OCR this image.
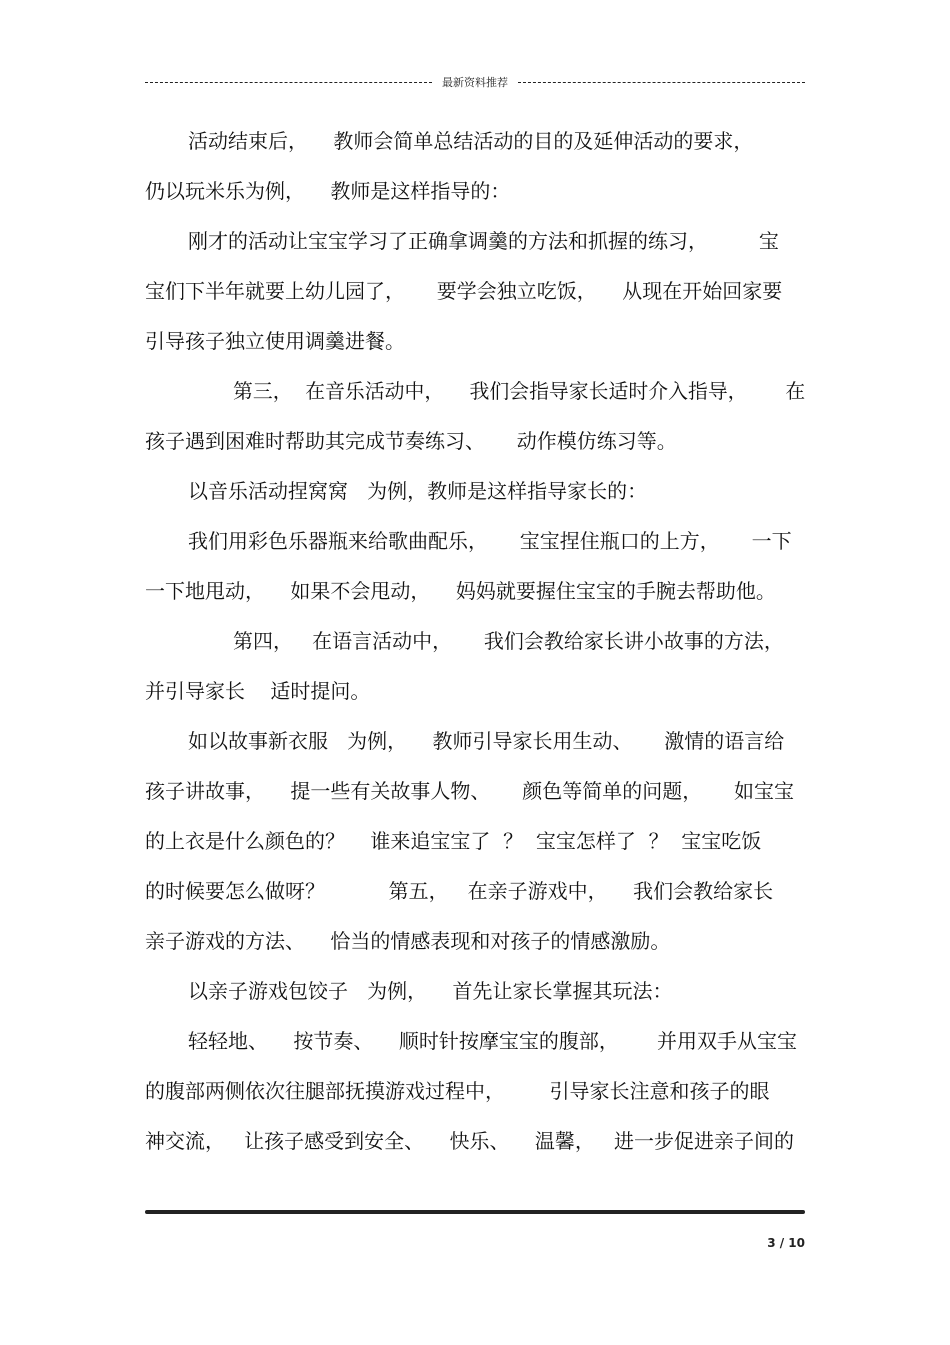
最新资料推荐
活动结束后，    教师会简单总结活动的目的及延伸活动的要求，
仍以玩米乐为例，    教师是这样指导的：
刚才的活动让宝宝学习了正确拿调羹的方法和抓握的练习，        宝
宝们下半年就要上幼儿园了，     要学会独立吃饭，    从现在开始回家要
引导孩子独立使用调羹进餐。
第三，  在音乐活动中，    我们会指导家长适时介入指导，      在
孩子遇到困难时帮助其完成节奏练习、     动作模仿练习等。
以音乐活动捏窝窝   为例，教师是这样指导家长的：
我们用彩色乐器瓶来给歌曲配乐，     宝宝捏住瓶口的上方，     一下
一下地甩动，    如果不会甩动，    妈妈就要握住宝宝的手腕去帮助他。
第四，   在语言活动中，     我们会教给家长讲小故事的方法，
并引导家长    适时提问。
如以故事新衣服   为例，    教师引导家长用生动、     激情的语言给
孩子讲故事，    提一些有关故事人物、     颜色等简单的问题，     如宝宝
的上衣是什么颜色的？    谁来追宝宝了  ？  宝宝怎样了  ？  宝宝吃饭
的时候要怎么做呀？          第五，   在亲子游戏中，    我们会教给家长
亲子游戏的方法、    恰当的情感表现和对孩子的情感激励。
以亲子游戏包饺子   为例，    首先让家长掌握其玩法：
轻轻地、    按节奏、    顺时针按摩宝宝的腹部，      并用双手从宝宝
的腹部两侧依次往腿部抚摸游戏过程中，       引导家长注意和孩子的眼
神交流，   让孩子感受到安全、    快乐、    温馨，   进一步促进亲子间的
3 / 10
